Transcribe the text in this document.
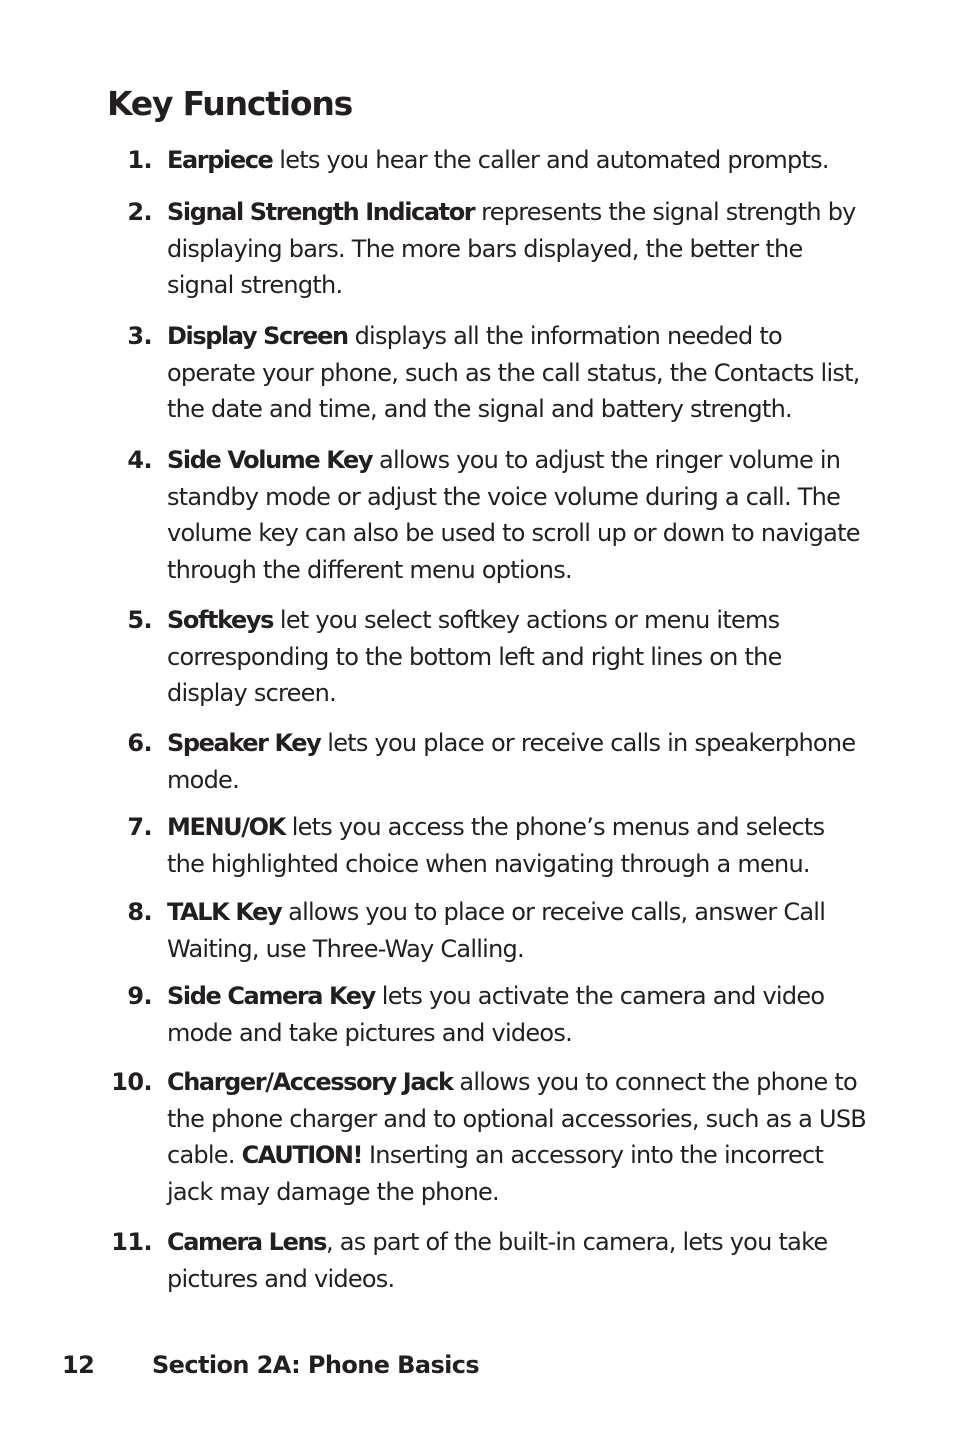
Key Functions
1. Earpiece lets you hear the caller and automated prompts.
2. Signal Strength Indicator represents the signal strength by displaying bars. The more bars displayed, the better the signal strength.
3. Display Screen displays all the information needed to operate your phone, such as the call status, the Contacts list, the date and time, and the signal and battery strength.
4. Side Volume Key allows you to adjust the ringer volume in standby mode or adjust the voice volume during a call. The volume key can also be used to scroll up or down to navigate through the different menu options.
5. Softkeys let you select softkey actions or menu items corresponding to the bottom left and right lines on the display screen.
6. Speaker Key lets you place or receive calls in speakerphone mode.
7. MENU/OK lets you access the phone’s menus and selects the highlighted choice when navigating through a menu.
8. TALK Key allows you to place or receive calls, answer Call Waiting, use Three-Way Calling.
9. Side Camera Key lets you activate the camera and video mode and take pictures and videos.
10. Charger/Accessory Jack allows you to connect the phone to the phone charger and to optional accessories, such as a USB cable. CAUTION! Inserting an accessory into the incorrect jack may damage the phone.
11. Camera Lens, as part of the built-in camera, lets you take pictures and videos.
12 Section 2A: Phone Basics
